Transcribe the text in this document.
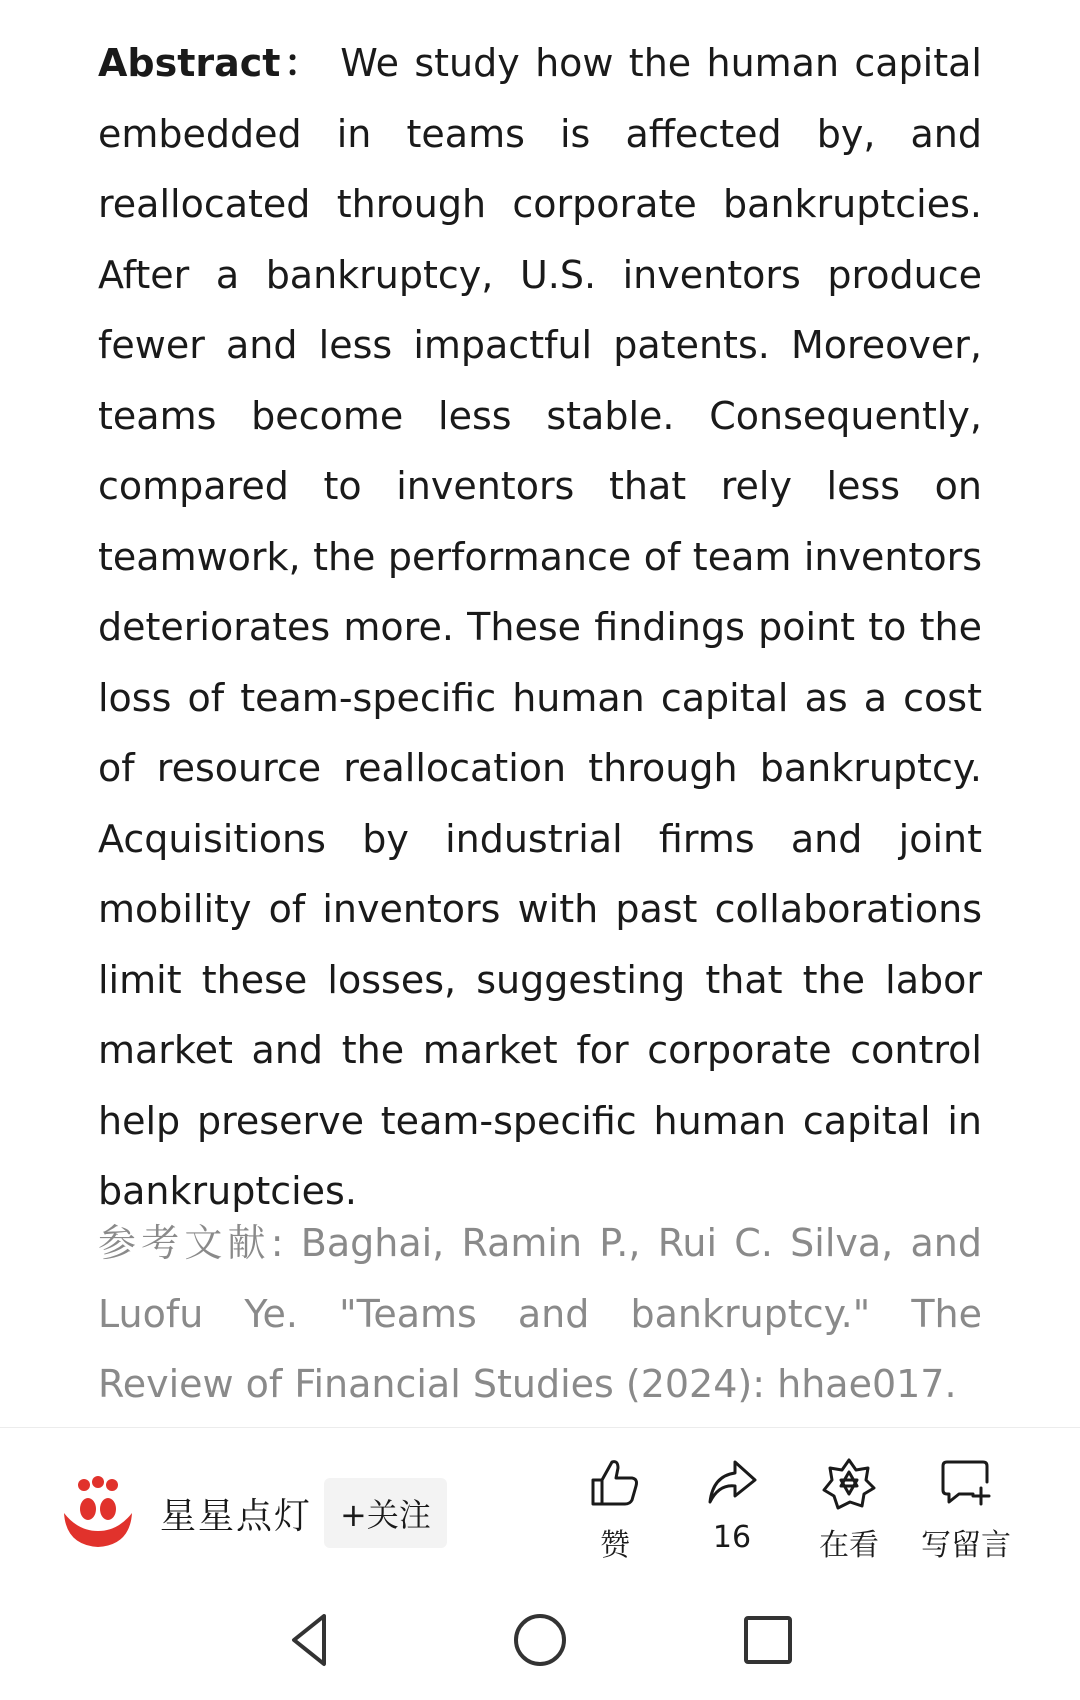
Abstract： We study how the human capital embedded in teams is affected by, and reallocated through corporate bankruptcies. After a bankruptcy, U.S. inventors produce fewer and less impactful patents. Moreover, teams become less stable. Consequently, compared to inventors that rely less on teamwork, the performance of team inventors deteriorates more. These findings point to the loss of team-specific human capital as a cost of resource reallocation through bankruptcy. Acquisitions by industrial firms and joint mobility of inventors with past collaborations limit these losses, suggesting that the labor market and the market for corporate control help preserve team-specific human capital in bankruptcies.

参考文献: Baghai, Ramin P., Rui C. Silva, and Luofu Ye. "Teams and bankruptcy." The Review of Financial Studies (2024): hhae017.

星星点灯 +关注
赞	16	在看	写留言
